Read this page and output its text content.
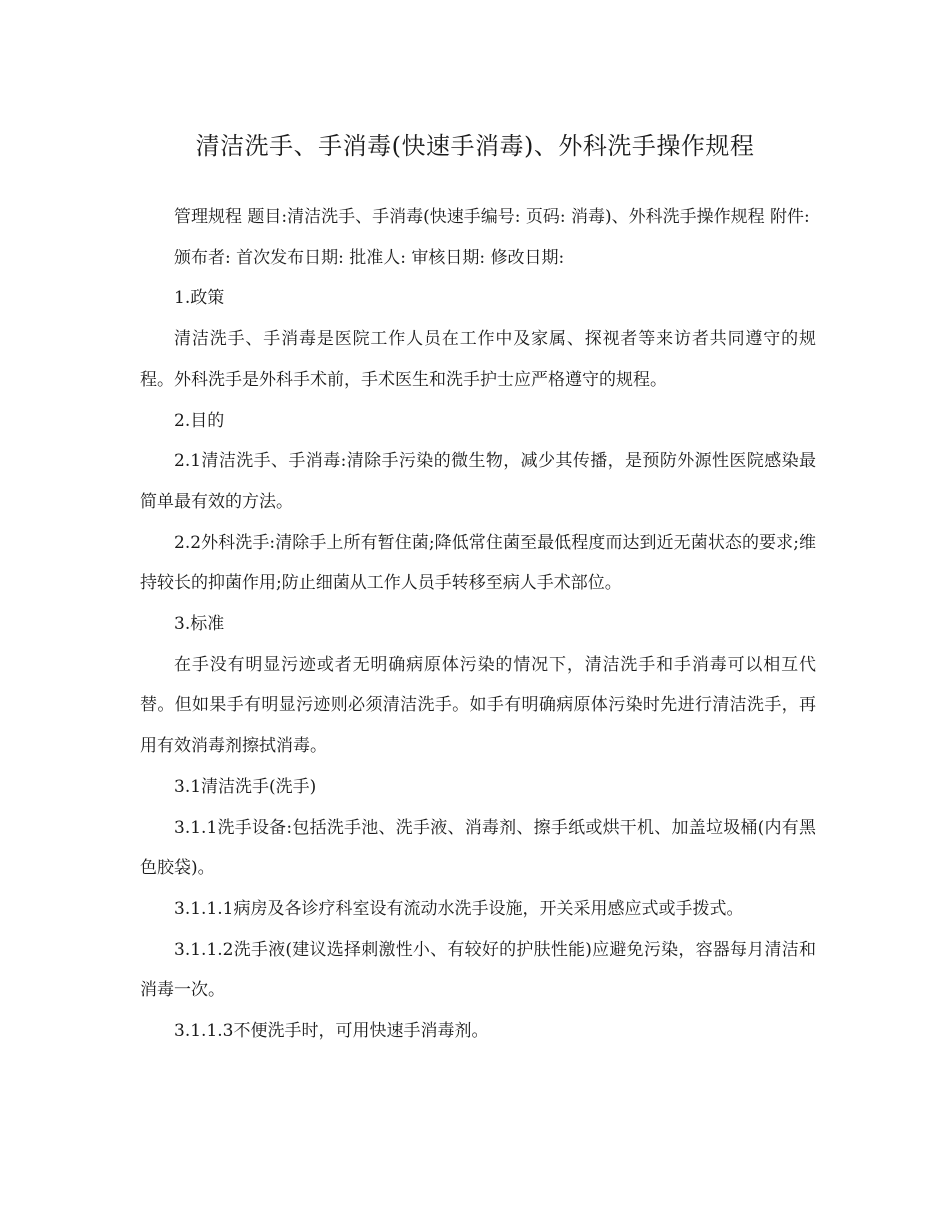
清洁洗手、手消毒(快速手消毒)、外科洗手操作规程

管理规程 题目:清洁洗手、手消毒(快速手编号: 页码: 消毒)、外科洗手操作规程 附件:

颁布者: 首次发布日期: 批准人: 审核日期: 修改日期:

1.政策

清洁洗手、手消毒是医院工作人员在工作中及家属、探视者等来访者共同遵守的规程。外科洗手是外科手术前，手术医生和洗手护士应严格遵守的规程。

2.目的

2.1清洁洗手、手消毒:清除手污染的微生物，减少其传播，是预防外源性医院感染最简单最有效的方法。

2.2外科洗手:清除手上所有暂住菌;降低常住菌至最低程度而达到近无菌状态的要求;维持较长的抑菌作用;防止细菌从工作人员手转移至病人手术部位。

3.标准

在手没有明显污迹或者无明确病原体污染的情况下，清洁洗手和手消毒可以相互代替。但如果手有明显污迹则必须清洁洗手。如手有明确病原体污染时先进行清洁洗手，再用有效消毒剂擦拭消毒。

3.1清洁洗手(洗手)

3.1.1洗手设备:包括洗手池、洗手液、消毒剂、擦手纸或烘干机、加盖垃圾桶(内有黑色胶袋)。

3.1.1.1病房及各诊疗科室设有流动水洗手设施，开关采用感应式或手拨式。

3.1.1.2洗手液(建议选择刺激性小、有较好的护肤性能)应避免污染，容器每月清洁和消毒一次。

3.1.1.3不便洗手时，可用快速手消毒剂。
